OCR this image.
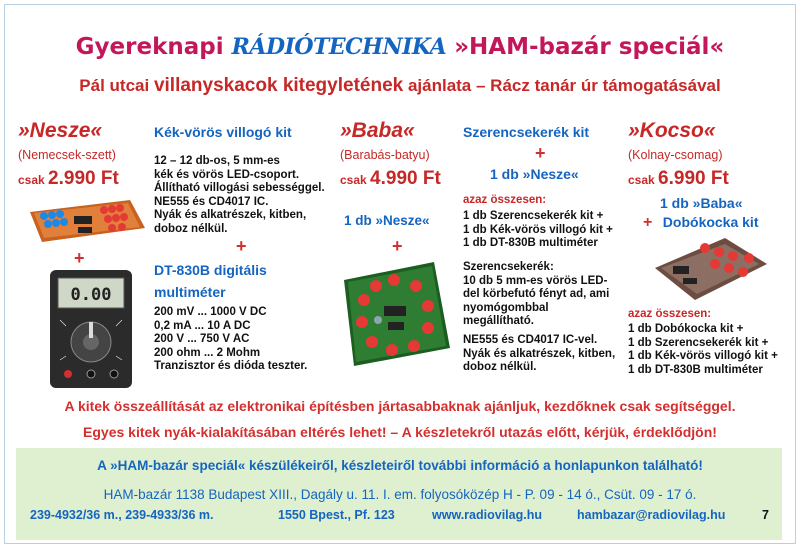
Gyereknapi RÁDIÓTECHNIKA »HAM-bazár speciál«
Pál utcai villanyskacok kitegyletének ajánlata – Rácz tanár úr támogatásával
»Nesze«
(Nemecsek-szett)
csak 2.990 Ft
+
0.00
Kék-vörös villogó kit
12 – 12 db-os, 5 mm-es
kék és vörös LED-csoport.
Állítható villogási sebességgel.
NE555 és CD4017 IC.
Nyák és alkatrészek, kitben,
doboz nélkül.
+
DT-830B digitális
multiméter
200 mV ... 1000 V DC
0,2 mA ... 10 A DC
200 V ... 750 V AC
200 ohm ... 2 Mohm
Tranzisztor és dióda teszter.
»Baba«
(Barabás-batyu)
csak 4.990 Ft
1 db »Nesze«
+
Szerencsekerék kit
+
1 db »Nesze«
azaz összesen:
1 db Szerencsekerék kit +
1 db Kék-vörös villogó kit +
1 db DT-830B multiméter
Szerencsekerék:
10 db 5 mm-es vörös LED-
del körbefutó fényt ad, ami
nyomógombbal
megállítható.
NE555 és CD4017 IC-vel.
Nyák és alkatrészek, kitben,
doboz nélkül.
»Kocso«
(Kolnay-csomag)
csak 6.990 Ft
1 db »Baba«
+ Dobókocka kit
azaz összesen:
1 db Dobókocka kit +
1 db Szerencsekerék kit +
1 db Kék-vörös villogó kit +
1 db DT-830B multiméter
A kitek összeállítását az elektronikai építésben jártasabbaknak ajánljuk, kezdőknek csak segítséggel.
Egyes kitek nyák-kialakításában eltérés lehet! – A készletekről utazás előtt, kérjük, érdeklődjön!
A »HAM-bazár speciál« készülékeiről, készleteiről további információ a honlapunkon található!
HAM-bazár 1138 Budapest XIII., Dagály u. 11. I. em. folyosóközép H - P. 09 - 14 ó., Csüt. 09 - 17 ó.
239-4932/36 m., 239-4933/36 m.	1550 Bpest., Pf. 123	www.radiovilag.hu	hambazar@radiovilag.hu	7
